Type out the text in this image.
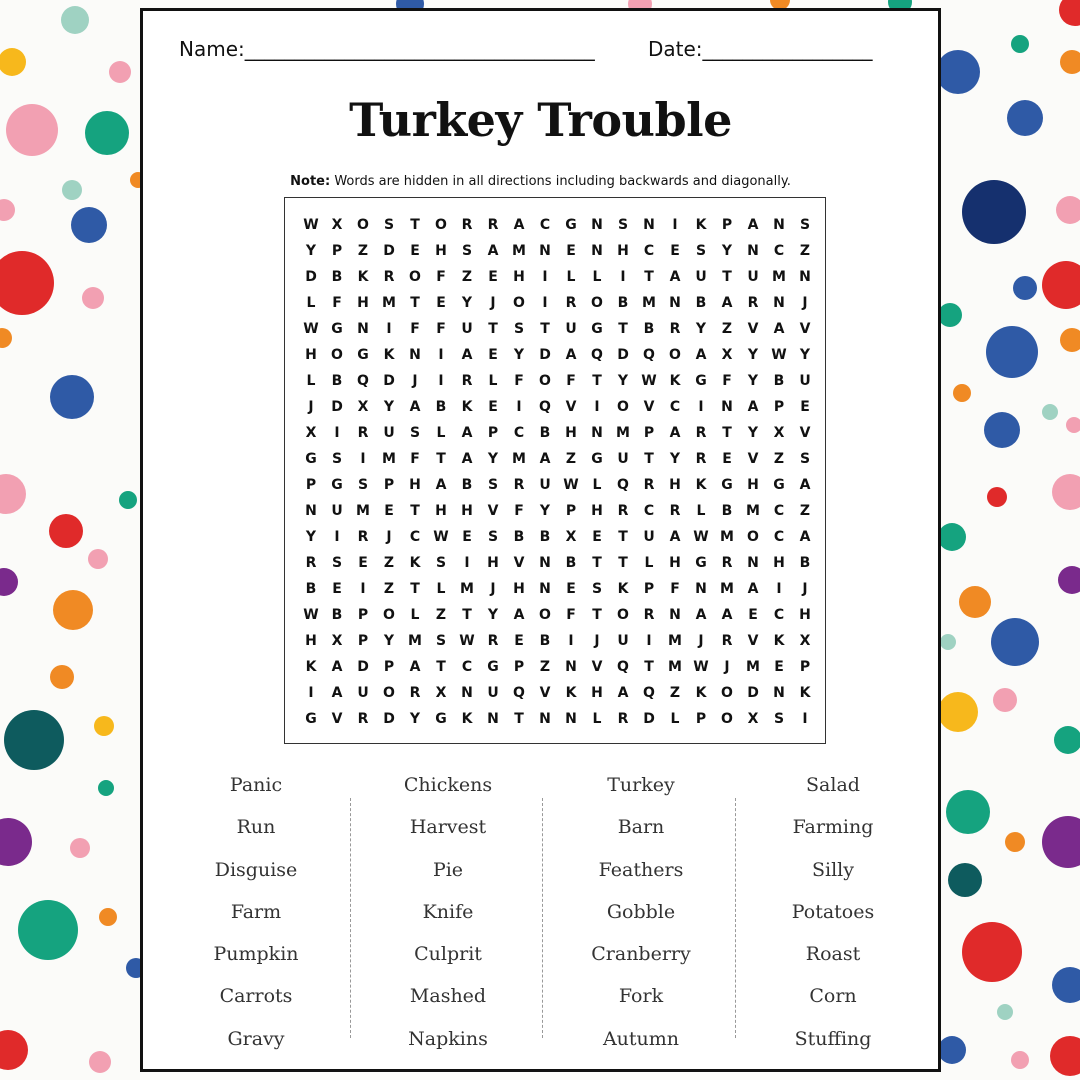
Name:___________________________________	Date:_________________
Turkey Trouble
Note: Words are hidden in all directions including backwards and diagonally.
W X	O	S	T	O	R	R	A	C	G	N	S	N	I	K	P	A	N	S
Y	P	Z	D	E	H	S	A M N	E	N	H	C	E	S	Y	N	C	Z
D	B	K	R	O	F	Z	E	H	I	L	L	I	T	A	U	T	U M N
L	F	H M	T	E	Y	J	O	I	R	O	B M N	B	A	R	N	J
W G	N	I	F	F	U	T	S	T	U	G	T	B	R	Y	Z	V	A	V
H	O	G	K	N	I	A	E	Y	D	A	Q	D	Q	O	A	X	Y W Y
L	B	Q	D	J	I	R	L	F	O	F	T	Y W K	G	F	Y	B	U
J	D	X	Y	A	B	K	E	I	Q	V	I	O	V	C	I	N	A	P	E
X	I	R	U	S	L	A	P	C	B	H	N M P	A	R	T	Y	X	V
G	S	I	M	F	T	A	Y M A	Z	G	U	T	Y	R	E	V	Z	S
P	G	S	P	H	A	B	S	R	U W L	Q	R	H	K	G	H	G	A
N	U M	E	T	H	H	V	F	Y	P	H	R	C	R	L	B M C	Z
Y	I	R	J	C W E	S	B	B	X	E	T	U	A W M O	C	A
R	S	E	Z	K	S	I	H	V	N	B	T	T	L	H	G	R	N	H	B
B	E	I	Z	T	L	M	J	H	N	E	S	K	P	F	N M A	I	J
W B	P	O	L	Z	T	Y	A	O	F	T	O	R	N	A	A	E	C	H
H	X	P	Y M S W R	E	B	I	J	U	I	M	J	R	V	K	X
K	A	D	P	A	T	C	G	P	Z	N	V	Q	T	M W	J	M	E	P
I	A	U	O	R	X	N	U	Q	V	K	H	A	Q	Z	K	O	D	N	K
G	V	R	D	Y	G	K	N	T	N	N	L	R	D	L	P	O	X	S	I
Panic
Run
Disguise
Farm
Pumpkin
Carrots
Gravy
Chickens
Harvest
Pie
Knife
Culprit
Mashed
Napkins
Turkey
Barn
Feathers
Gobble
Cranberry
Fork
Autumn
Salad
Farming
Silly
Potatoes
Roast
Corn
Stuffing
